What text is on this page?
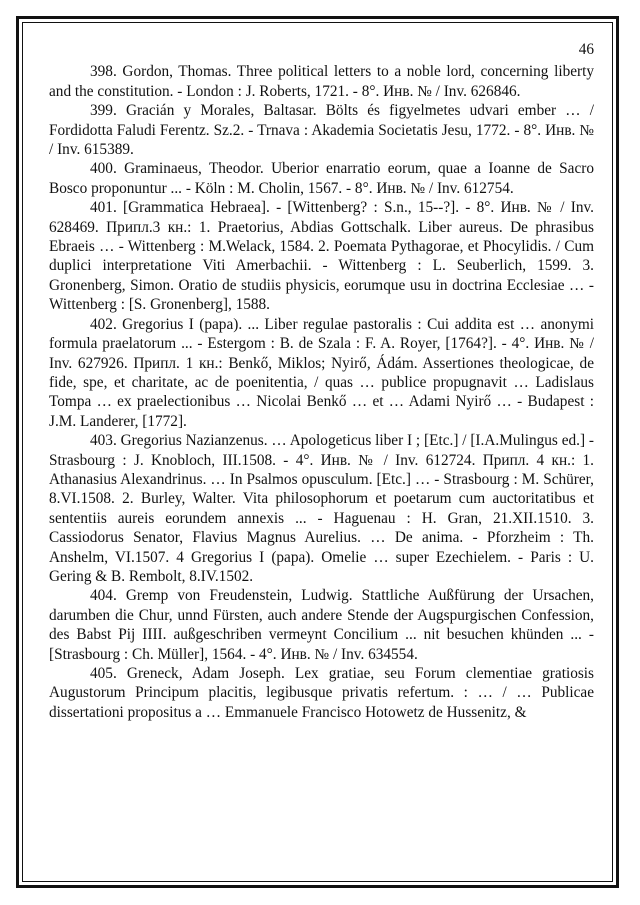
46

398. Gordon, Thomas. Three political letters to a noble lord, concerning liberty and the constitution. - London : J. Roberts, 1721. - 8°. Инв. № / Inv. 626846.

399. Gracián y Morales, Baltasar. Bölts és figyelmetes udvari ember … / Fordidotta Faludi Ferentz. Sz.2. - Trnava : Akademia Societatis Jesu, 1772. - 8°. Инв. № / Inv. 615389.

400. Graminaeus, Theodor. Uberior enarratio eorum, quae a Ioanne de Sacro Bosco proponuntur ... - Köln : M. Cholin, 1567. - 8°. Инв. № / Inv. 612754.

401. [Grammatica Hebraea]. - [Wittenberg? : S.n., 15--?]. - 8°. Инв. № / Inv. 628469. Припл.3 кн.: 1. Praetorius, Abdias Gottschalk. Liber aureus. De phrasibus Ebraeis … - Wittenberg : M.Welack, 1584. 2. Poemata Pythagorae, et Phocylidis. / Cum duplici interpretatione Viti Amerbachii. - Wittenberg : L. Seuberlich, 1599. 3. Gronenberg, Simon. Oratio de studiis physicis, eorumque usu in doctrina Ecclesiae … - Wittenberg : [S. Gronenberg], 1588.

402. Gregorius I (papa). ... Liber regulae pastoralis : Cui addita est … anonymi formula praelatorum ... - Estergom : B. de Szala : F. A. Royer, [1764?]. - 4°. Инв. № / Inv. 627926. Припл. 1 кн.: Benkő, Miklos; Nyirő, Ádám. Assertiones theologicae, de fide, spe, et charitate, ac de poenitentia, / quas … publice propugnavit … Ladislaus Tompa … ex praelectionibus … Nicolai Benkő … et … Adami Nyirő … - Budapest : J.M. Landerer, [1772].

403. Gregorius Nazianzenus. … Apologeticus liber I ; [Etc.] / [I.A.Mulingus ed.] - Strasbourg : J. Knobloch, III.1508. - 4°. Инв. № / Inv. 612724. Припл. 4 кн.: 1. Athanasius Alexandrinus. … In Psalmos opusculum. [Etc.] … - Strasbourg : M. Schürer, 8.VI.1508. 2. Burley, Walter. Vita philosophorum et poetarum cum auctoritatibus et sententiis aureis eorundem annexis ... - Haguenau : H. Gran, 21.XII.1510. 3. Cassiodorus Senator, Flavius Magnus Aurelius. … De anima. - Pforzheim : Th. Anshelm, VI.1507. 4 Gregorius I (papa). Omelie … super Ezechielem. - Paris : U. Gering & B. Rembolt, 8.IV.1502.

404. Gremp von Freudenstein, Ludwig. Stattliche Außfürung der Ursachen, darumben die Chur, unnd Fürsten, auch andere Stende der Augspurgischen Confession, des Babst Pij IIII. außgeschriben vermeynt Concilium ... nit besuchen khünden ... - [Strasbourg : Ch. Müller], 1564. - 4°. Инв. № / Inv. 634554.

405. Greneck, Adam Joseph. Lex gratiae, seu Forum clementiae gratiosis Augustorum Principum placitis, legibusque privatis refertum. : … / … Publicae dissertationi propositus a … Emmanuele Francisco Hotowetz de Hussenitz, &
